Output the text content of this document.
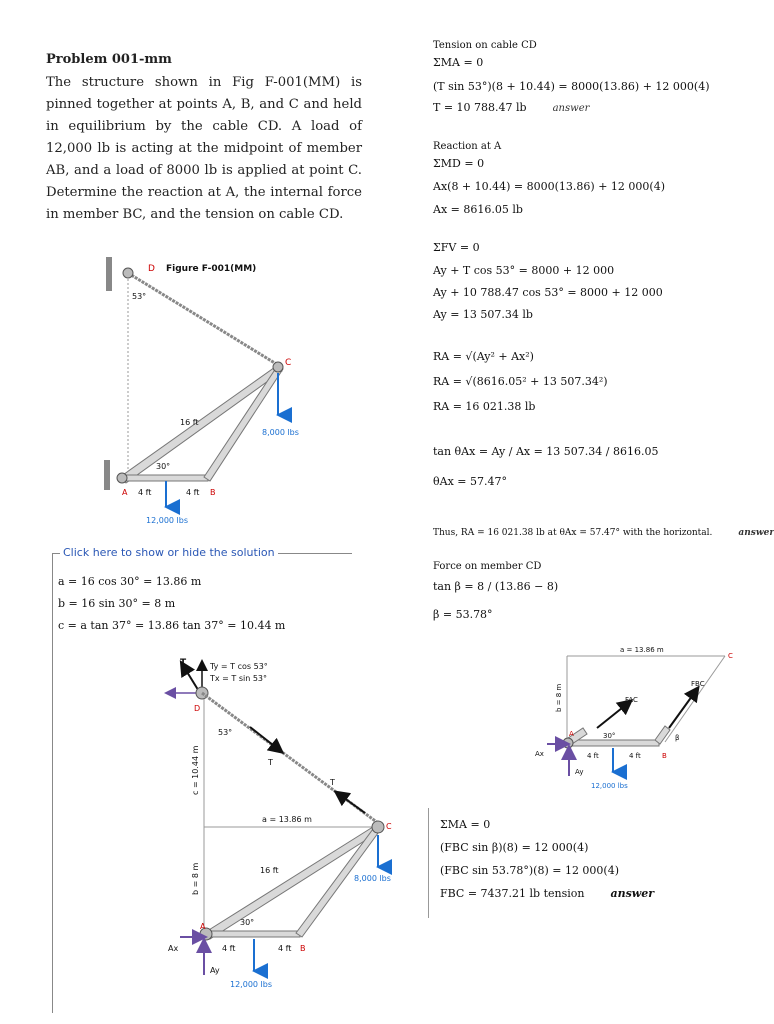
Problem 001-mm
The structure shown in Fig F-001(MM) is pinned together at points A, B, and C and held in equilibrium by the cable CD. A load of 12,000 lb is acting at the midpoint of member AB, and a load of 8000 lb is applied at point C. Determine the reaction at A, the internal force in member BC, and the tension on cable CD.
D Figure F-001(MM)
53°
C
A	B
30°
16 ft
4 ft	4 ft
8,000 lbs
12,000 lbs
Click here to show or hide the solution
a = 16 cos 30° = 13.86 m
b = 16 sin 30° = 8 m
c = a tan 37° = 13.86 tan 37° = 10.44 m
T	Ty = T cos 53°
Tx = T sin 53°
D
T
T
53°
c = 10.44 m
a = 13.86 m
b = 8 m
C
A
B
30°
16 ft
4 ft	4 ft
Ax
Ay
8,000 lbs
12,000 lbs
Tension on cable CD
ΣMA = 0
(T sin 53°)(8 + 10.44) = 8000(13.86) + 12 000(4)
T = 10 788.47 lb	answer
Reaction at A
ΣMD = 0
Ax(8 + 10.44) = 8000(13.86) + 12 000(4)
Ax = 8616.05 lb
ΣFV = 0
Ay + T cos 53° = 8000 + 12 000
Ay + 10 788.47 cos 53° = 8000 + 12 000
Ay = 13 507.34 lb
RA = √(Ay² + Ax²)
RA = √(8616.05² + 13 507.34²)
RA = 16 021.38 lb
tan θAx = Ay / Ax = 13 507.34 / 8616.05
θAx = 57.47°
Thus, RA = 16 021.38 lb at θAx = 57.47° with the horizontal.	answer
Force on member CD
tan β = 8 / (13.86 − 8)
β = 53.78°
a = 13.86 m
b = 8 m
C
FAC
FBC
30°	β
A
B
4 ft	4 ft
Ax
Ay
12,000 lbs
ΣMA = 0
(FBC sin β)(8) = 12 000(4)
(FBC sin 53.78°)(8) = 12 000(4)
FBC = 7437.21 lb tension answer
